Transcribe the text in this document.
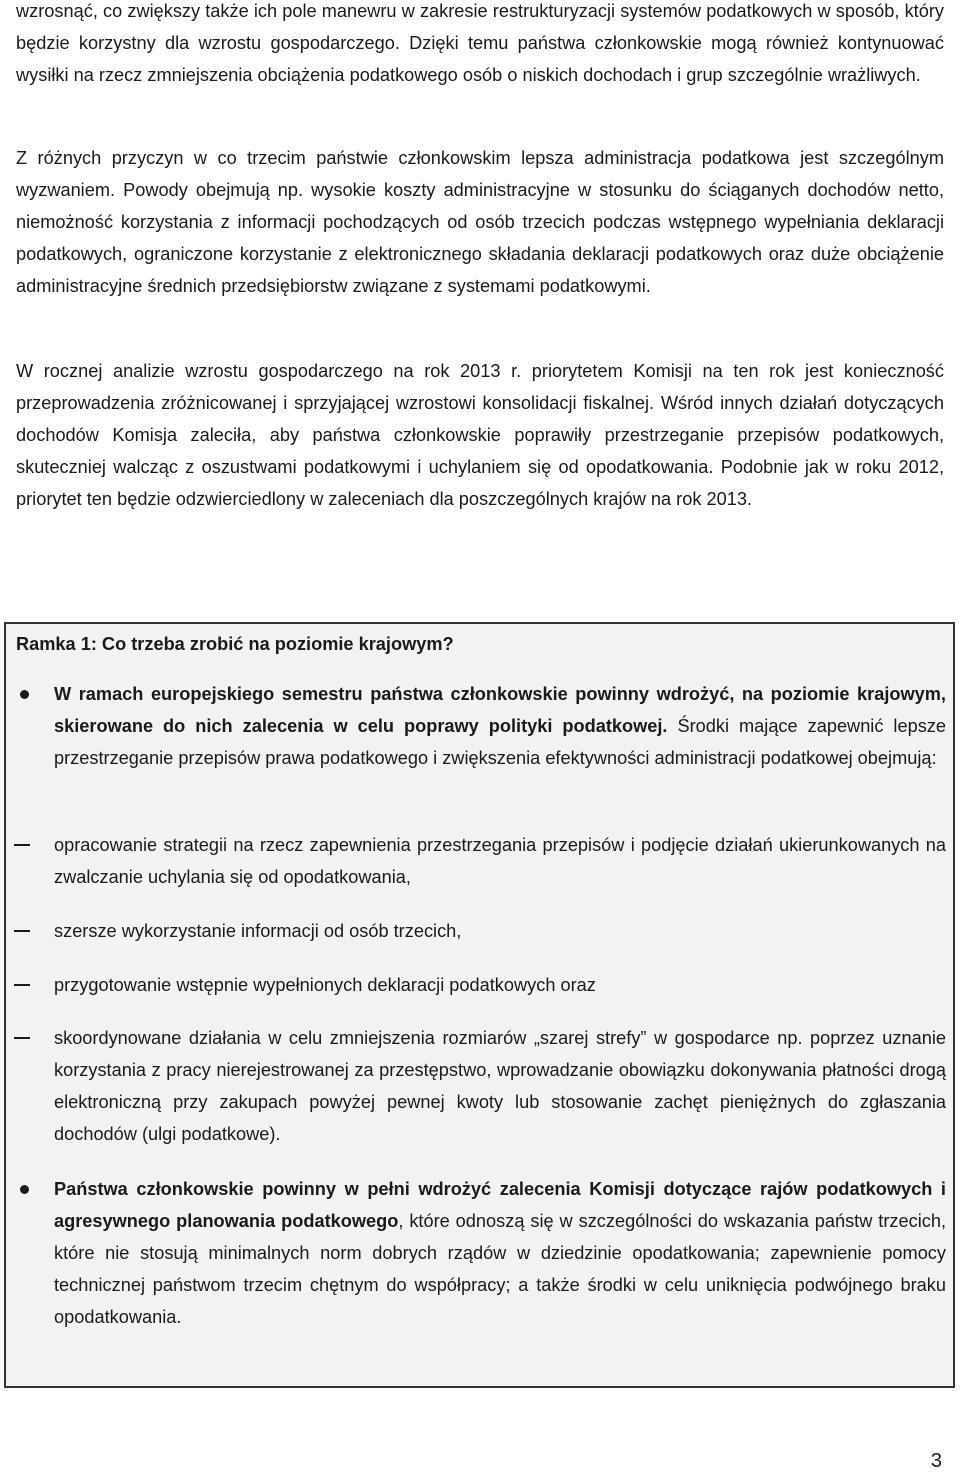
wzrosnąć, co zwiększy także ich pole manewru w zakresie restrukturyzacji systemów podatkowych w sposób, który będzie korzystny dla wzrostu gospodarczego. Dzięki temu państwa członkowskie mogą również kontynuować wysiłki na rzecz zmniejszenia obciążenia podatkowego osób o niskich dochodach i grup szczególnie wrażliwych.

Z różnych przyczyn w co trzecim państwie członkowskim lepsza administracja podatkowa jest szczególnym wyzwaniem. Powody obejmują np. wysokie koszty administracyjne w stosunku do ściąganych dochodów netto, niemożność korzystania z informacji pochodzących od osób trzecich podczas wstępnego wypełniania deklaracji podatkowych, ograniczone korzystanie z elektronicznego składania deklaracji podatkowych oraz duże obciążenie administracyjne średnich przedsiębiorstw związane z systemami podatkowymi.

W rocznej analizie wzrostu gospodarczego na rok 2013 r. priorytetem Komisji na ten rok jest konieczność przeprowadzenia zróżnicowanej i sprzyjającej wzrostowi konsolidacji fiskalnej. Wśród innych działań dotyczących dochodów Komisja zaleciła, aby państwa członkowskie poprawiły przestrzeganie przepisów podatkowych, skuteczniej walcząc z oszustwami podatkowymi i uchylaniem się od opodatkowania. Podobnie jak w roku 2012, priorytet ten będzie odzwierciedlony w zaleceniach dla poszczególnych krajów na rok 2013.

Ramka 1: Co trzeba zrobić na poziomie krajowym?

W ramach europejskiego semestru państwa członkowskie powinny wdrożyć, na poziomie krajowym, skierowane do nich zalecenia w celu poprawy polityki podatkowej. Środki mające zapewnić lepsze przestrzeganie przepisów prawa podatkowego i zwiększenia efektywności administracji podatkowej obejmują:

opracowanie strategii na rzecz zapewnienia przestrzegania przepisów i podjęcie działań ukierunkowanych na zwalczanie uchylania się od opodatkowania,

szersze wykorzystanie informacji od osób trzecich,

przygotowanie wstępnie wypełnionych deklaracji podatkowych oraz

skoordynowane działania w celu zmniejszenia rozmiarów „szarej strefy” w gospodarce np. poprzez uznanie korzystania z pracy nierejestrowanej za przestępstwo, wprowadzanie obowiązku dokonywania płatności drogą elektroniczną przy zakupach powyżej pewnej kwoty lub stosowanie zachęt pieniężnych do zgłaszania dochodów (ulgi podatkowe).

Państwa członkowskie powinny w pełni wdrożyć zalecenia Komisji dotyczące rajów podatkowych i agresywnego planowania podatkowego, które odnoszą się w szczególności do wskazania państw trzecich, które nie stosują minimalnych norm dobrych rządów w dziedzinie opodatkowania; zapewnienie pomocy technicznej państwom trzecim chętnym do współpracy; a także środki w celu uniknięcia podwójnego braku opodatkowania.

3
